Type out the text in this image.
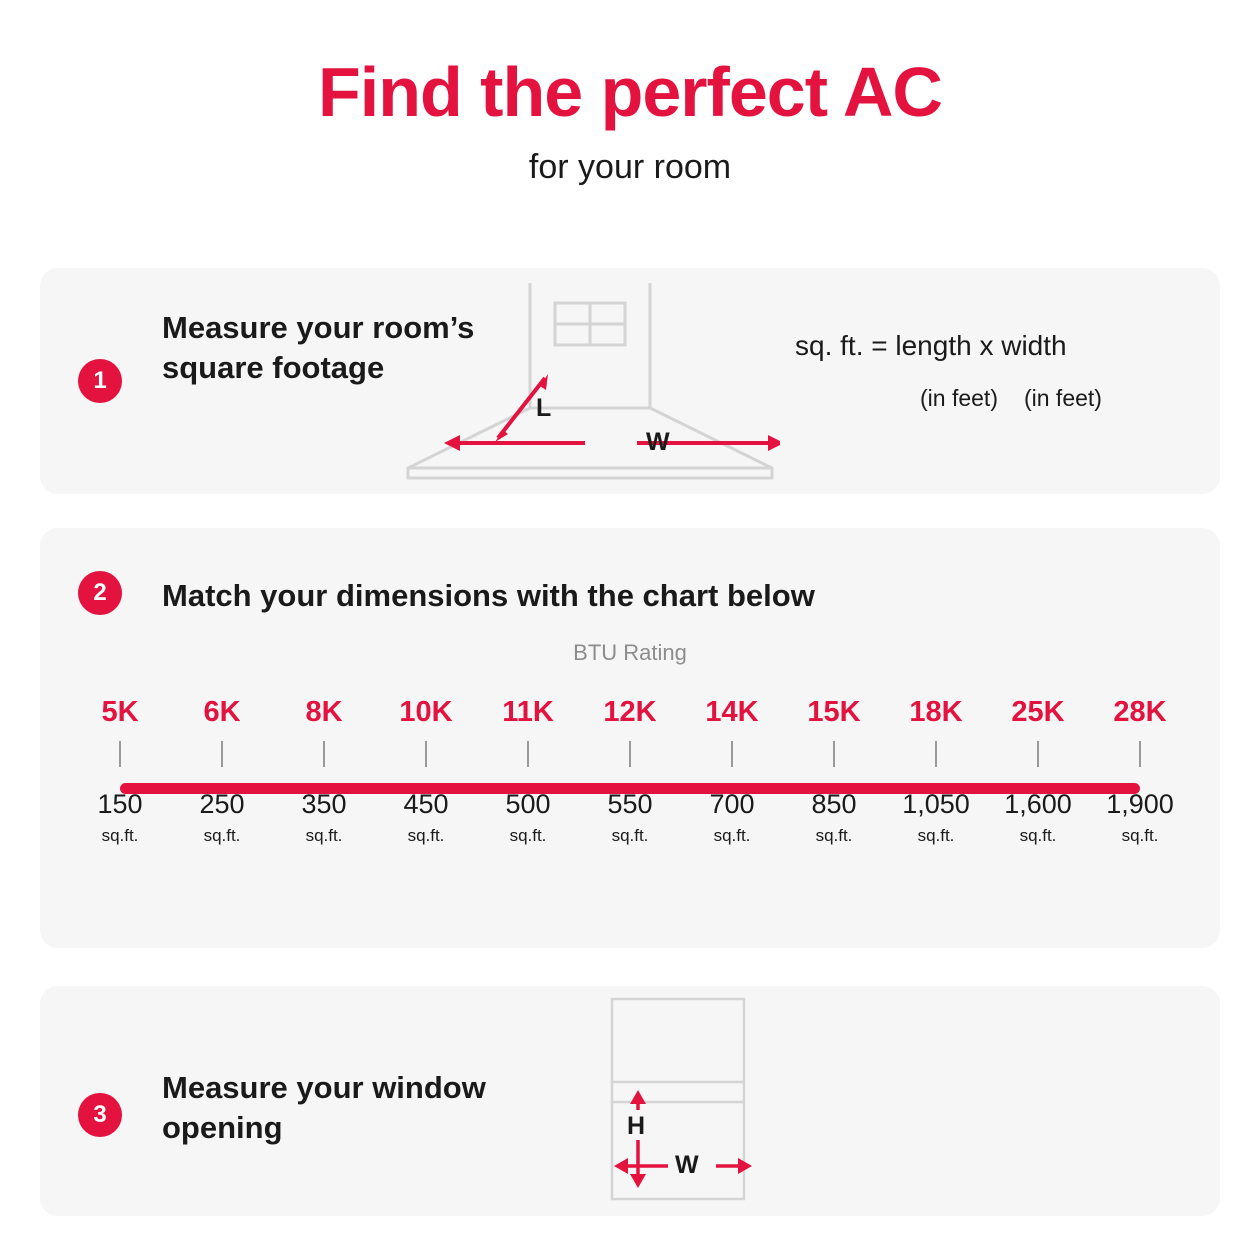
Find the perfect AC

for your room

1
Measure your room’s square footage
L
W
sq. ft. = length x width
(in feet) (in feet)
2	Match your dimensions with the chart below
BTU Rating
5K
150
sq.ft.
6K
250
sq.ft.
8K
350
sq.ft.
10K
450
sq.ft.
11K
500
sq.ft.
12K
550
sq.ft.
14K
700
sq.ft.
15K
850
sq.ft.
18K
1,050
sq.ft.
25K
1,600
sq.ft.
28K
1,900
sq.ft.
3
Measure your window opening	H
W
